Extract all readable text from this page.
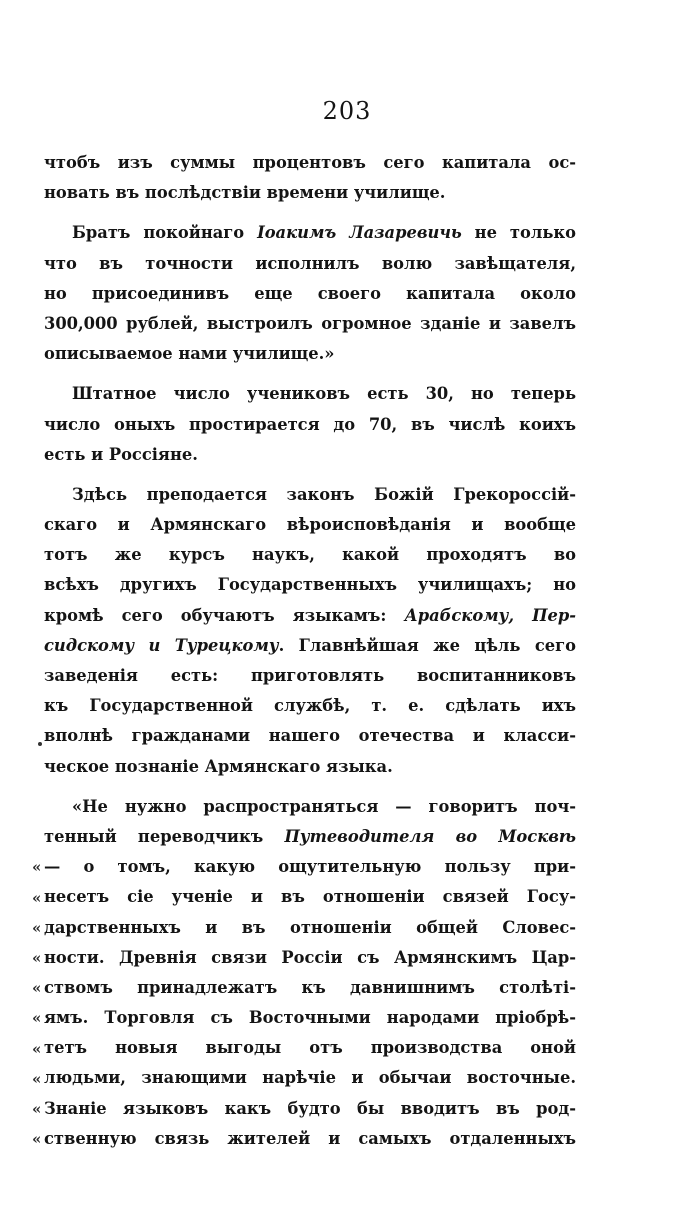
203
чтобъ изъ суммы процентовъ сего капитала ос-
новать въ послѣдствіи времени училище.
Братъ покойнаго Іоакимъ Лазаревичь не только
что въ точности исполнилъ волю завѣщателя,
но присоединивъ еще своего капитала около
300,000 рублей, выстроилъ огромное зданіе и завелъ
описываемое нами училище.»
Штатное число учениковъ есть 30, но теперь
число оныхъ простирается до 70, въ числѣ коихъ
есть и Россіяне.
Здѣсь преподается законъ Божій Грекороссій-
скаго и Армянскаго вѣроисповѣданія и вообще
тотъ же курсъ наукъ, какой проходятъ во
всѣхъ другихъ Государственныхъ училищахъ; но
кромѣ сего обучаютъ языкамъ: Арабскому, Пер-
сидскому и Турецкому. Главнѣйшая же цѣль сего
заведенія есть: приготовлять воспитанниковъ
къ Государственной службѣ, т. е. сдѣлать ихъ
вполнѣ гражданами нашего отечества и класси-
ческое познаніе Армянскаго языка.
«Не нужно распространяться — говоритъ поч-
тенный переводчикъ Путеводителя во Москвѣ
— о томъ, какую ощутительную пользу при-
несетъ сіе ученіе и въ отношеніи связей Госу-
дарственныхъ и въ отношеніи общей Словес-
ности. Древнія связи Россіи съ Армянскимъ Цар-
ствомъ принадлежатъ къ давнишнимъ столѣті-
ямъ. Торговля съ Восточными народами пріобрѣ-
тетъ новыя выгоды отъ производства оной
людьми, знающими нарѣчіе и обычаи восточные.
Знаніе языковъ какъ будто бы вводитъ въ род-
ственную связь жителей и самыхъ отдаленныхъ
«
«
«
«
«
«
«
«
«
«
